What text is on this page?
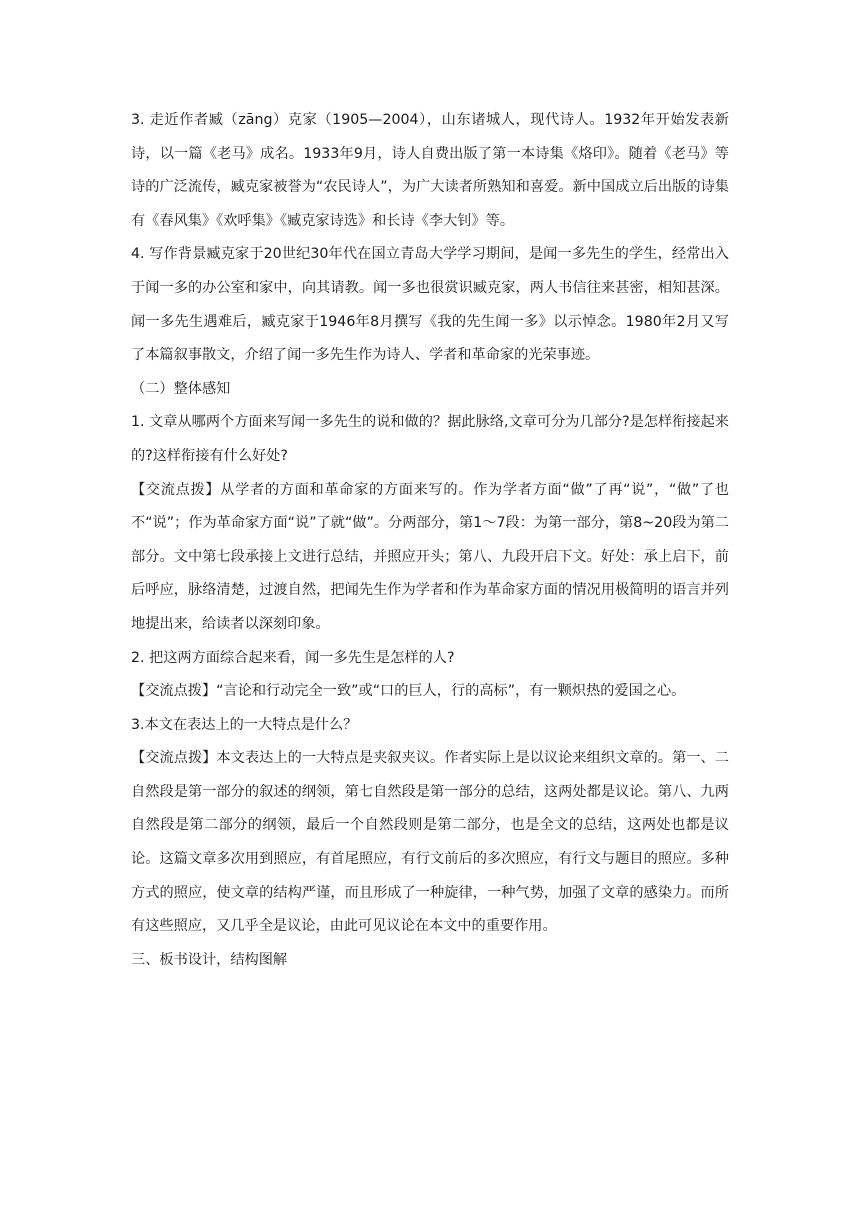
3. 走近作者臧（zāng）克家（1905—2004），山东诸城人，现代诗人。1932年开始发表新诗，以一篇《老马》成名。1933年9月，诗人自费出版了第一本诗集《烙印》。随着《老马》等诗的广泛流传，臧克家被誉为“农民诗人”，为广大读者所熟知和喜爱。新中国成立后出版的诗集有《春风集》《欢呼集》《臧克家诗选》和长诗《李大钊》等。

4. 写作背景臧克家于20世纪30年代在国立青岛大学学习期间，是闻一多先生的学生，经常出入于闻一多的办公室和家中，向其请教。闻一多也很赏识臧克家，两人书信往来甚密，相知甚深。闻一多先生遇难后，臧克家于1946年8月撰写《我的先生闻一多》以示悼念。1980年2月又写了本篇叙事散文，介绍了闻一多先生作为诗人、学者和革命家的光荣事迹。

（二）整体感知

1. 文章从哪两个方面来写闻一多先生的说和做的？据此脉络,文章可分为几部分?是怎样衔接起来的?这样衔接有什么好处?

【交流点拨】从学者的方面和革命家的方面来写的。作为学者方面“做”了再“说”，“做”了也不“说”；作为革命家方面“说”了就“做”。分两部分，第1～7段：为第一部分，第8~20段为第二部分。文中第七段承接上文进行总结，并照应开头；第八、九段开启下文。好处：承上启下，前后呼应，脉络清楚，过渡自然，把闻先生作为学者和作为革命家方面的情况用极简明的语言并列地提出来，给读者以深刻印象。

2. 把这两方面综合起来看，闻一多先生是怎样的人?

【交流点拨】“言论和行动完全一致”或“口的巨人，行的高标”，有一颗炽热的爱国之心。

3.本文在表达上的一大特点是什么？

【交流点拨】本文表达上的一大特点是夹叙夹议。作者实际上是以议论来组织文章的。第一、二自然段是第一部分的叙述的纲领，第七自然段是第一部分的总结，这两处都是议论。第八、九两自然段是第二部分的纲领，最后一个自然段则是第二部分，也是全文的总结，这两处也都是议论。这篇文章多次用到照应，有首尾照应，有行文前后的多次照应，有行文与题目的照应。多种方式的照应，使文章的结构严谨，而且形成了一种旋律，一种气势，加强了文章的感染力。而所有这些照应，又几乎全是议论，由此可见议论在本文中的重要作用。

三、板书设计，结构图解
